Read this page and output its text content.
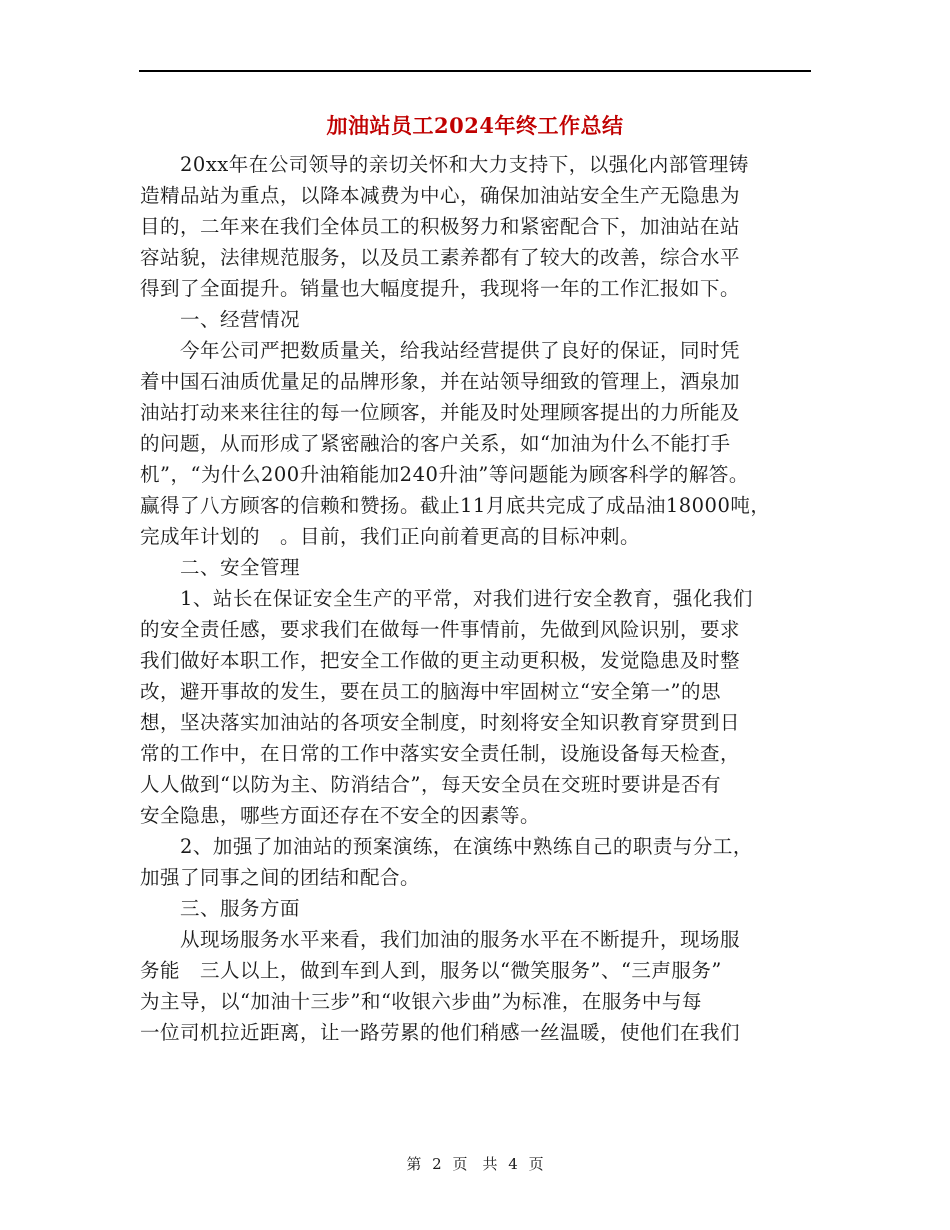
加油站员工2024年终工作总结
　　20xx年在公司领导的亲切关怀和大力支持下，以强化内部管理铸
造精品站为重点，以降本减费为中心，确保加油站安全生产无隐患为
目的，二年来在我们全体员工的积极努力和紧密配合下，加油站在站
容站貌，法律规范服务，以及员工素养都有了较大的改善，综合水平
得到了全面提升。销量也大幅度提升，我现将一年的工作汇报如下。
　　一、经营情况
　　今年公司严把数质量关，给我站经营提供了良好的保证，同时凭
着中国石油质优量足的品牌形象，并在站领导细致的管理上，酒泉加
油站打动来来往往的每一位顾客，并能及时处理顾客提出的力所能及
的问题，从而形成了紧密融洽的客户关系，如“加油为什么不能打手
机”，“为什么200升油箱能加240升油”等问题能为顾客科学的解答。
赢得了八方顾客的信赖和赞扬。截止11月底共完成了成品油18000吨，
完成年计划的　。目前，我们正向前着更高的目标冲刺。
　　二、安全管理
　　1、站长在保证安全生产的平常，对我们进行安全教育，强化我们
的安全责任感，要求我们在做每一件事情前，先做到风险识别，要求
我们做好本职工作，把安全工作做的更主动更积极，发觉隐患及时整
改，避开事故的发生，要在员工的脑海中牢固树立“安全第一”的思
想，坚决落实加油站的各项安全制度，时刻将安全知识教育穿贯到日
常的工作中，在日常的工作中落实安全责任制，设施设备每天检查，
人人做到“以防为主、防消结合”，每天安全员在交班时要讲是否有
安全隐患，哪些方面还存在不安全的因素等。
　　2、加强了加油站的预案演练，在演练中熟练自己的职责与分工，
加强了同事之间的团结和配合。
　　三、服务方面
　　从现场服务水平来看，我们加油的服务水平在不断提升，现场服
务能　三人以上，做到车到人到，服务以“微笑服务”、“三声服务”
为主导，以“加油十三步”和“收银六步曲”为标准，在服务中与每
一位司机拉近距离，让一路劳累的他们稍感一丝温暖，使他们在我们
第 2 页　共 4 页
